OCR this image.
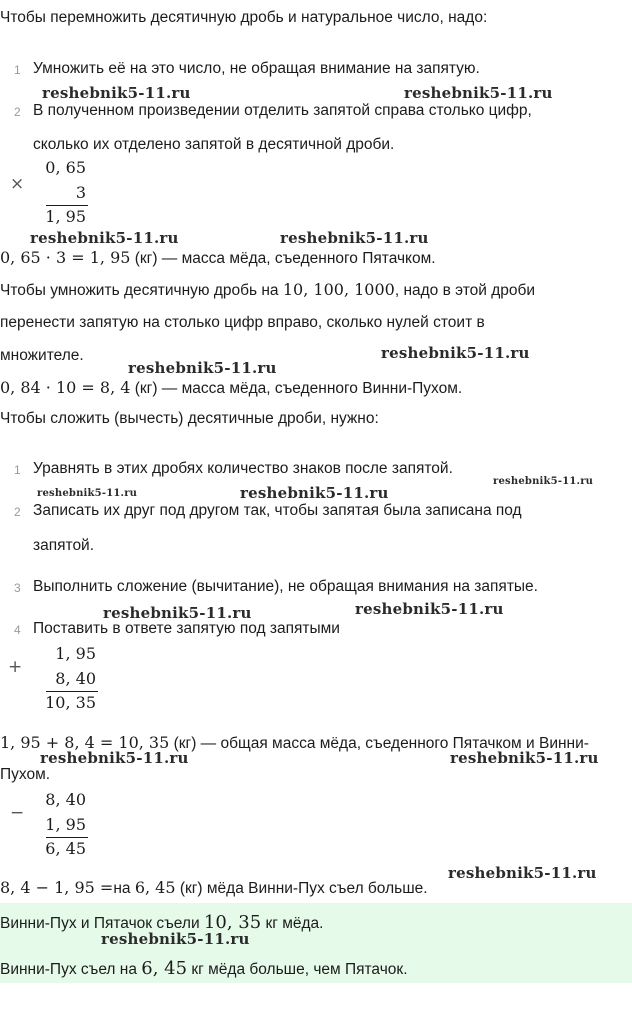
Чтобы перемножить десятичную дробь и натуральное число, надо:
1 Умножить её на это число, не обращая внимание на запятую.
2 В полученном произведении отделить запятой справа столько цифр,
сколько их отделено запятой в десятичной дроби.
×
0, 65
3
1, 95
0, 65 · 3 = 1, 95 (кг) — масса мёда, съеденного Пятачком.
Чтобы умножить десятичную дробь на 10, 100, 1000, надо в этой дроби
перенести запятую на столько цифр вправо, сколько нулей стоит в
множителе.
0, 84 · 10 = 8, 4 (кг) — масса мёда, съеденного Винни-Пухом.
Чтобы сложить (вычесть) десятичные дроби, нужно:
1 Уравнять в этих дробях количество знаков после запятой.
2 Записать их друг под другом так, чтобы запятая была записана под
запятой.
3 Выполнить сложение (вычитание), не обращая внимания на запятые.
4 Поставить в ответе запятую под запятыми
+
1, 95
8, 40
10, 35
1, 95 + 8, 4 = 10, 35 (кг) — общая масса мёда, съеденного Пятачком и Винни-
Пухом.
−
8, 40
1, 95
6, 45
8, 4 − 1, 95 =на 6, 45 (кг) мёда Винни-Пух съел больше.
Винни-Пух и Пятачок съели 10, 35 кг мёда.
Винни-Пух съел на 6, 45 кг мёда больше, чем Пятачок.
reshebnik5-11.ru	reshebnik5-11.ru
reshebnik5-11.ru	reshebnik5-11.ru
reshebnik5-11.ru
reshebnik5-11.ru
reshebnik5-11.ru
reshebnik5-11.ru	reshebnik5-11.ru
reshebnik5-11.ru	reshebnik5-11.ru
reshebnik5-11.ru	reshebnik5-11.ru
reshebnik5-11.ru
reshebnik5-11.ru
